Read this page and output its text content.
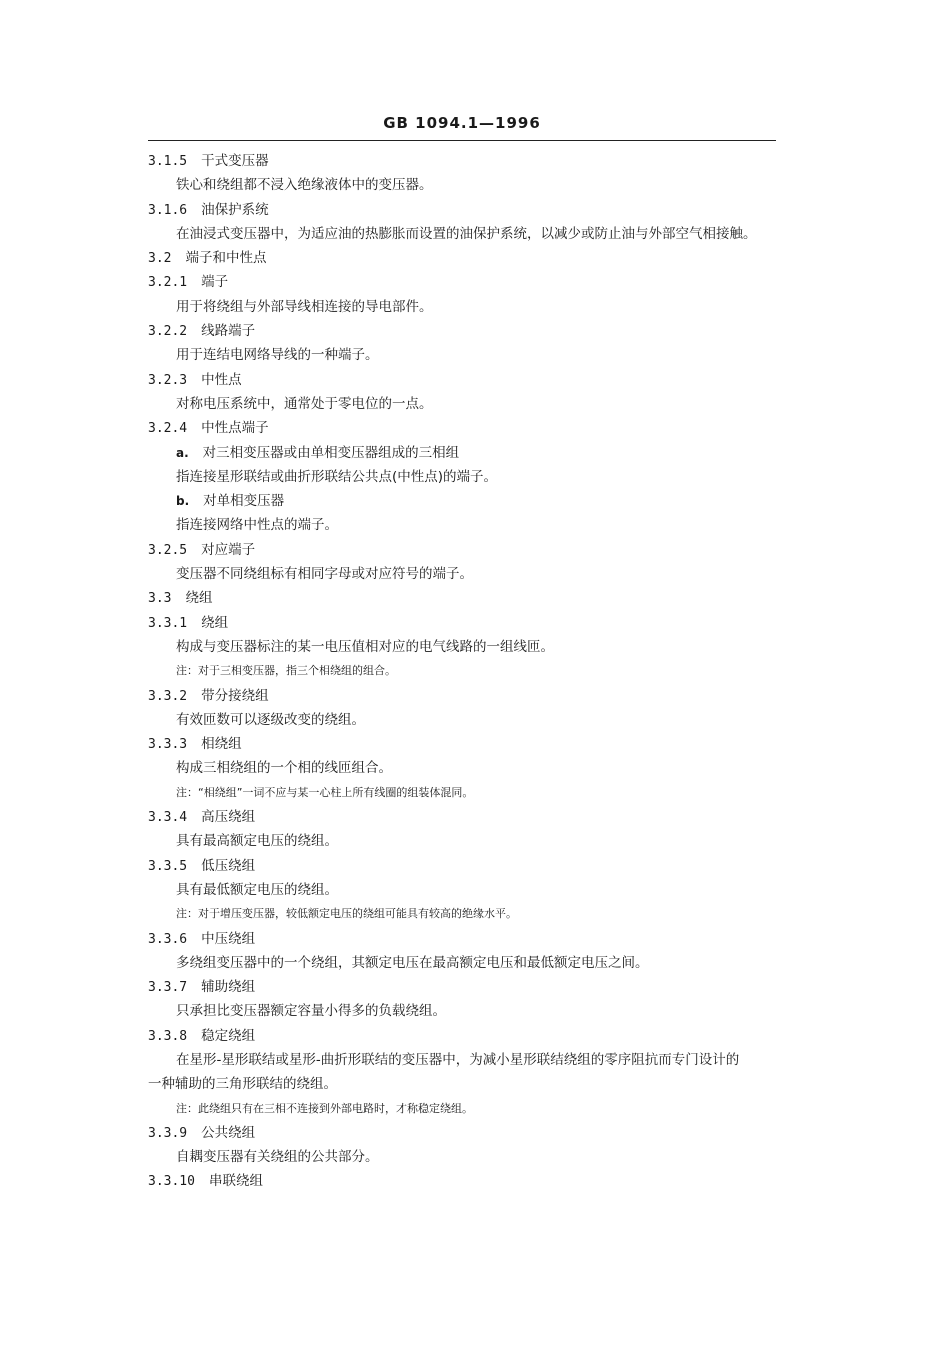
GB 1094.1—1996
3.1.5 干式变压器
铁心和绕组都不浸入绝缘液体中的变压器。
3.1.6 油保护系统
在油浸式变压器中，为适应油的热膨胀而设置的油保护系统，以减少或防止油与外部空气相接触。
3.2 端子和中性点
3.2.1 端子
用于将绕组与外部导线相连接的导电部件。
3.2.2 线路端子
用于连结电网络导线的一种端子。
3.2.3 中性点
对称电压系统中，通常处于零电位的一点。
3.2.4 中性点端子
a. 对三相变压器或由单相变压器组成的三相组
指连接星形联结或曲折形联结公共点(中性点)的端子。
b. 对单相变压器
指连接网络中性点的端子。
3.2.5 对应端子
变压器不同绕组标有相同字母或对应符号的端子。
3.3 绕组
3.3.1 绕组
构成与变压器标注的某一电压值相对应的电气线路的一组线匝。
注：对于三相变压器，指三个相绕组的组合。
3.3.2 带分接绕组
有效匝数可以逐级改变的绕组。
3.3.3 相绕组
构成三相绕组的一个相的线匝组合。
注：“相绕组”一词不应与某一心柱上所有线圈的组装体混同。
3.3.4 高压绕组
具有最高额定电压的绕组。
3.3.5 低压绕组
具有最低额定电压的绕组。
注：对于增压变压器，较低额定电压的绕组可能具有较高的绝缘水平。
3.3.6 中压绕组
多绕组变压器中的一个绕组，其额定电压在最高额定电压和最低额定电压之间。
3.3.7 辅助绕组
只承担比变压器额定容量小得多的负载绕组。
3.3.8 稳定绕组
在星形-星形联结或星形-曲折形联结的变压器中，为减小星形联结绕组的零序阻抗而专门设计的
一种辅助的三角形联结的绕组。
注：此绕组只有在三相不连接到外部电路时，才称稳定绕组。
3.3.9 公共绕组
自耦变压器有关绕组的公共部分。
3.3.10 串联绕组
